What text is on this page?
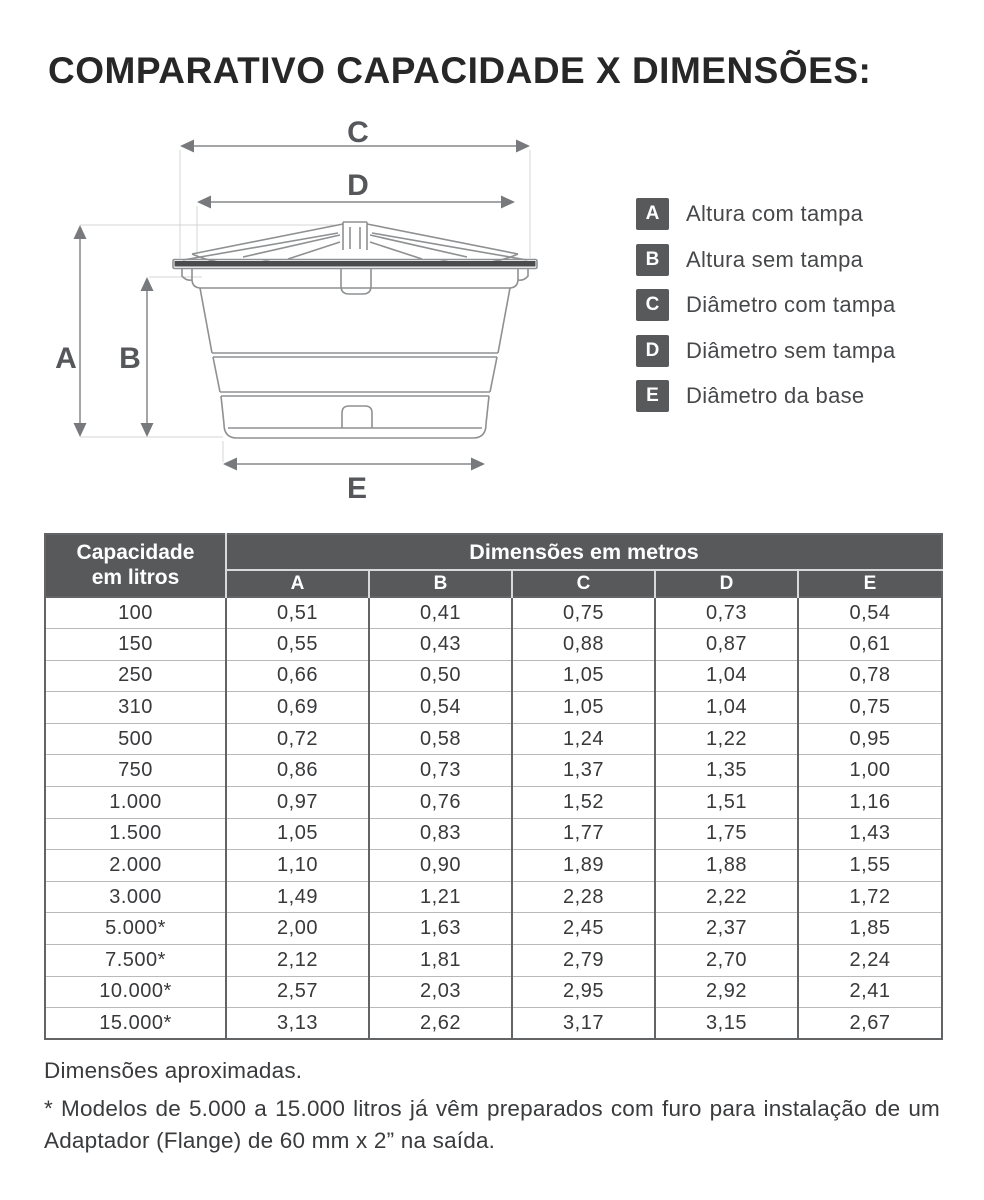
COMPARATIVO CAPACIDADE X DIMENSÕES:
C
D
A B
E
A	Altura com tampa
B	Altura sem tampa
C	Diâmetro com tampa
D	Diâmetro sem tampa
E	Diâmetro da base
Capacidade
em litros	Dimensões em metros				
	A	B	C	D	E
100	0,51	0,41	0,75	0,73	0,54
150	0,55	0,43	0,88	0,87	0,61
250	0,66	0,50	1,05	1,04	0,78
310	0,69	0,54	1,05	1,04	0,75
500	0,72	0,58	1,24	1,22	0,95
750	0,86	0,73	1,37	1,35	1,00
1.000	0,97	0,76	1,52	1,51	1,16
1.500	1,05	0,83	1,77	1,75	1,43
2.000	1,10	0,90	1,89	1,88	1,55
3.000	1,49	1,21	2,28	2,22	1,72
5.000*	2,00	1,63	2,45	2,37	1,85
7.500*	2,12	1,81	2,79	2,70	2,24
10.000*	2,57	2,03	2,95	2,92	2,41
15.000*	3,13	2,62	3,17	3,15	2,67

Dimensões aproximadas.

* Modelos de 5.000 a 15.000 litros já vêm preparados com furo para instalação de um Adaptador (Flange) de 60 mm x 2” na saída.
